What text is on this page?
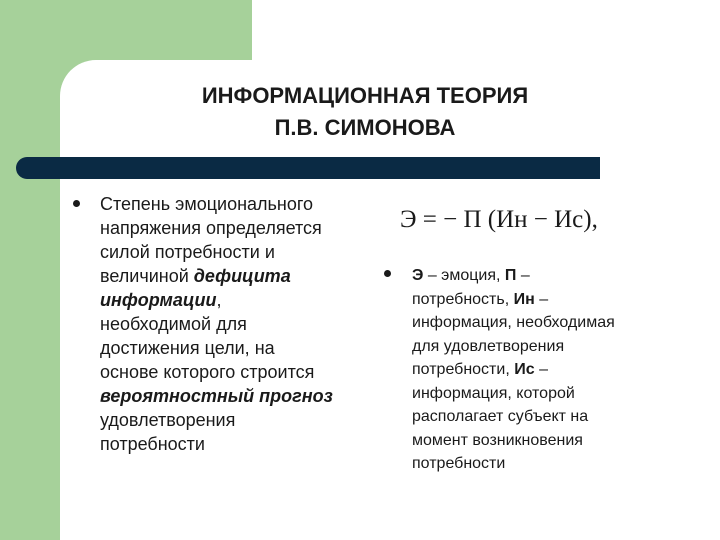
ИНФОРМАЦИОННАЯ ТЕОРИЯ
П.В. СИМОНОВА
Степень эмоционального
напряжения определяется
силой потребности и
величиной дефицита
информации,
необходимой для
достижения цели, на
основе которого строится
вероятностный прогноз
удовлетворения
потребности
Э = − П (Ин − Ис),
Э – эмоция, П –
потребность, Ин –
информация, необходимая
для удовлетворения
потребности, Ис –
информация, которой
располагает субъект на
момент возникновения
потребности
